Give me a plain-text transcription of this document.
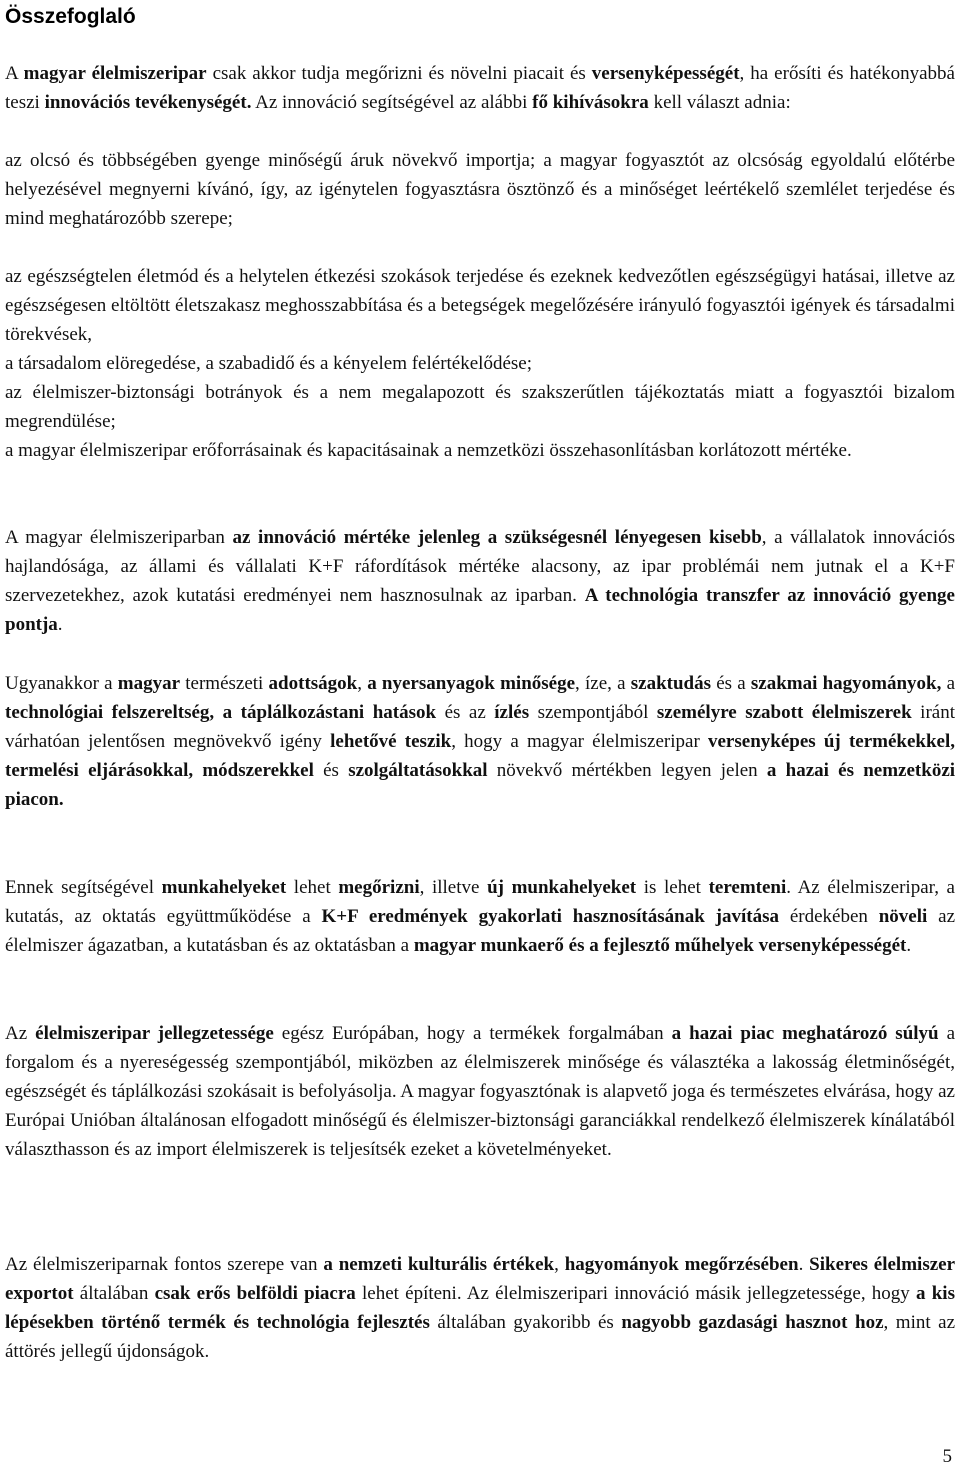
Összefoglaló

A magyar élelmiszeripar csak akkor tudja megőrizni és növelni piacait és versenyképességét, ha erősíti és hatékonyabbá teszi innovációs tevékenységét. Az innováció segítségével az alábbi fő kihívásokra kell választ adnia:

az olcsó és többségében gyenge minőségű áruk növekvő importja; a magyar fogyasztót az olcsóság egyoldalú előtérbe helyezésével megnyerni kívánó, így, az igénytelen fogyasztásra ösztönző és a minőséget leértékelő szemlélet terjedése és mind meghatározóbb szerepe;

az egészségtelen életmód és a helytelen étkezési szokások terjedése és ezeknek kedvezőtlen egészségügyi hatásai, illetve az egészségesen eltöltött életszakasz meghosszabbítása és a betegségek megelőzésére irányuló fogyasztói igények és társadalmi törekvések,

a társadalom elöregedése, a szabadidő és a kényelem felértékelődése;

az élelmiszer-biztonsági botrányok és a nem megalapozott és szakszerűtlen tájékoztatás miatt a fogyasztói bizalom megrendülése;

a magyar élelmiszeripar erőforrásainak és kapacitásainak a nemzetközi összehasonlításban korlátozott mértéke.

A magyar élelmiszeriparban az innováció mértéke jelenleg a szükségesnél lényegesen kisebb, a vállalatok innovációs hajlandósága, az állami és vállalati K+F ráfordítások mértéke alacsony, az ipar problémái nem jutnak el a K+F szervezetekhez, azok kutatási eredményei nem hasznosulnak az iparban. A technológia transzfer az innováció gyenge pontja.

Ugyanakkor a magyar természeti adottságok, a nyersanyagok minősége, íze, a szaktudás és a szakmai hagyományok, a technológiai felszereltség, a táplálkozástani hatások és az ízlés szempontjából személyre szabott élelmiszerek iránt várhatóan jelentősen megnövekvő igény lehetővé teszik, hogy a magyar élelmiszeripar versenyképes új termékekkel, termelési eljárásokkal, módszerekkel és szolgáltatásokkal növekvő mértékben legyen jelen a hazai és nemzetközi piacon.

Ennek segítségével munkahelyeket lehet megőrizni, illetve új munkahelyeket is lehet teremteni. Az élelmiszeripar, a kutatás, az oktatás együttműködése a K+F eredmények gyakorlati hasznosításának javítása érdekében növeli az élelmiszer ágazatban, a kutatásban és az oktatásban a magyar munkaerő és a fejlesztő műhelyek versenyképességét.

Az élelmiszeripar jellegzetessége egész Európában, hogy a termékek forgalmában a hazai piac meghatározó súlyú a forgalom és a nyereségesség szempontjából, miközben az élelmiszerek minősége és választéka a lakosság életminőségét, egészségét és táplálkozási szokásait is befolyásolja. A magyar fogyasztónak is alapvető joga és természetes elvárása, hogy az Európai Unióban általánosan elfogadott minőségű és élelmiszer-biztonsági garanciákkal rendelkező élelmiszerek kínálatából választhasson és az import élelmiszerek is teljesítsék ezeket a követelményeket.

Az élelmiszeriparnak fontos szerepe van a nemzeti kulturális értékek, hagyományok megőrzésében. Sikeres élelmiszer exportot általában csak erős belföldi piacra lehet építeni. Az élelmiszeripari innováció másik jellegzetessége, hogy a kis lépésekben történő termék és technológia fejlesztés általában gyakoribb és nagyobb gazdasági hasznot hoz, mint az áttörés jellegű újdonságok.

5
